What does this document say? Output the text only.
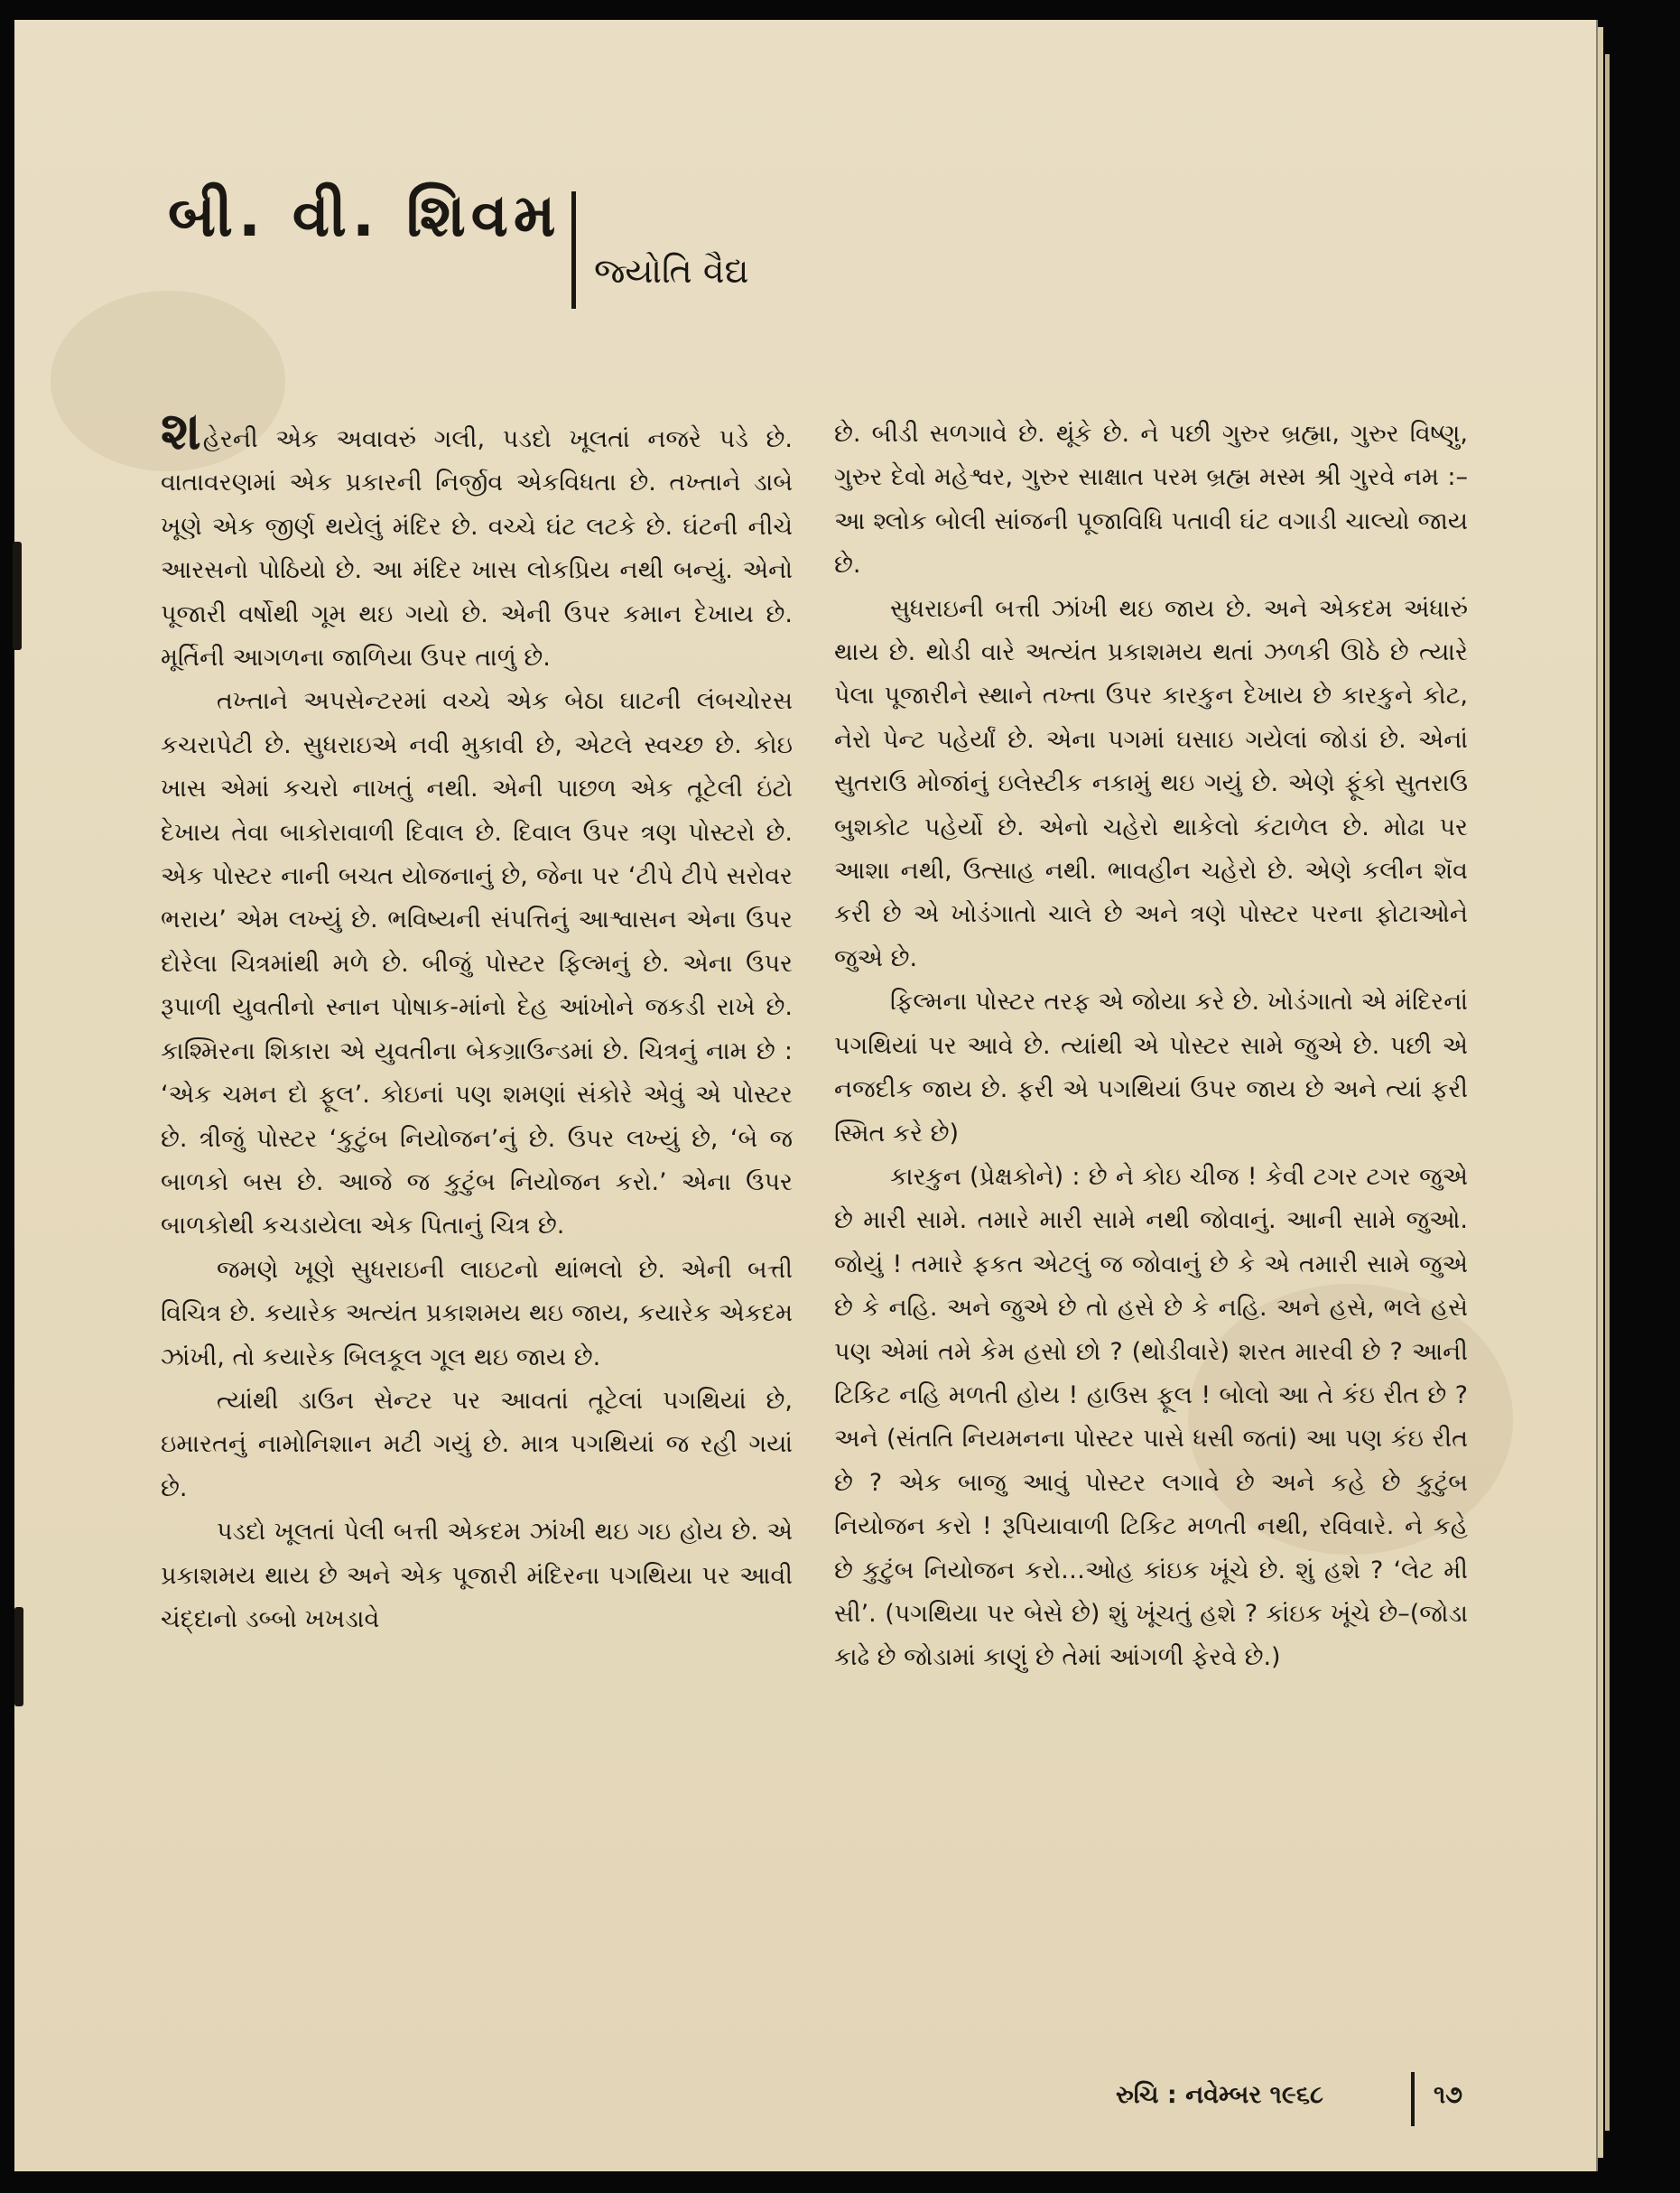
બી. વી. શિવમ
જ્યોતિ વૈદ્ય

શહેરની એક અવાવરું ગલી, પડદો ખૂલતાં નજરે પડે છે. વાતાવરણમાં એક પ્રકારની નિર્જીવ એકવિધતા છે. તખ્તાને ડાબે ખૂણે એક જીર્ણ થયેલું મંદિર છે. વચ્ચે ઘંટ લટકે છે. ઘંટની નીચે આરસનો પોઠિયો છે. આ મંદિર ખાસ લોકપ્રિય નથી બન્યું. એનો પૂજારી વર્ષોથી ગૂમ થઇ ગયો છે. એની ઉપર કમાન દેખાય છે. મૂર્તિની આગળના જાળિયા ઉપર તાળું છે.

તખ્તાને અપસેન્ટરમાં વચ્ચે એક બેઠા ઘાટની લંબચોરસ કચરાપેટી છે. સુધરાઇએ નવી મુકાવી છે, એટલે સ્વચ્છ છે. કોઇ ખાસ એમાં કચરો નાખતું નથી. એની પાછળ એક તૂટેલી ઇંટો દેખાય તેવા બાકોરાવાળી દિવાલ છે. દિવાલ ઉપર ત્રણ પોસ્ટરો છે. એક પોસ્ટર નાની બચત યોજનાનું છે, જેના પર ‘ટીપે ટીપે સરોવર ભરાય’ એમ લખ્યું છે. ભવિષ્યની સંપત્તિનું આશ્વાસન એના ઉપર દોરેલા ચિત્રમાંથી મળે છે. બીજું પોસ્ટર ફિલ્મનું છે. એના ઉપર રૂપાળી યુવતીનો સ્નાન પોષાક-માંનો દેહ આંખોને જકડી રાખે છે. કાશ્મિરના શિકારા એ યુવતીના બેકગ્રાઉન્ડમાં છે. ચિત્રનું નામ છે : ‘એક ચમન દો ફૂલ’. કોઇનાં પણ શમણાં સંકોરે એવું એ પોસ્ટર છે. ત્રીજું પોસ્ટર ‘કુટુંબ નિયોજન’નું છે. ઉપર લખ્યું છે, ‘બે જ બાળકો બસ છે. આજે જ કુટુંબ નિયોજન કરો.’ એના ઉપર બાળકોથી કચડાયેલા એક પિતાનું ચિત્ર છે.

જમણે ખૂણે સુધરાઇની લાઇટનો થાંભલો છે. એની બત્તી વિચિત્ર છે. કયારેક અત્યંત પ્રકાશમય થઇ જાય, કયારેક એકદમ ઝાંખી, તો કયારેક બિલકૂલ ગૂલ થઇ જાય છે.

ત્યાંથી ડાઉન સેન્ટર પર આવતાં તૂટેલાં પગથિયાં છે, ઇમારતનું નામોનિશાન મટી ગયું છે. માત્ર પગથિયાં જ રહી ગયાં છે.

પડદો ખૂલતાં પેલી બત્તી એકદમ ઝાંખી થઇ ગઇ હોય છે. એ પ્રકાશમય થાય છે અને એક પૂજારી મંદિરના પગથિયા પર આવી ચંદ્દાનો ડબ્બો ખખડાવે

છે. બીડી સળગાવે છે. થૂંકે છે. ને પછી ગુરુર બ્રહ્મા, ગુરુર વિષ્ણુ, ગુરુર દેવો મહેશ્વર, ગુરુર સાક્ષાત પરમ બ્રહ્મ મસ્મ શ્રી ગુરવે નમ :– આ શ્લોક બોલી સાંજની પૂજાવિધિ પતાવી ઘંટ વગાડી ચાલ્યો જાય છે.

સુધરાઇની બત્તી ઝાંખી થઇ જાય છે. અને એકદમ અંધારું થાય છે. થોડી વારે અત્યંત પ્રકાશમય થતાં ઝળકી ઊઠે છે ત્યારે પેલા પૂજારીને સ્થાને તખ્તા ઉપર કારકુન દેખાય છે કારકુને કોટ, નેરો પેન્ટ પહેર્યાં છે. એના પગમાં ઘસાઇ ગયેલાં જોડાં છે. એનાં સુતરાઉ મોજાંનું ઇલેસ્ટીક નકામું થઇ ગયું છે. એણે ફૂંકો સુતરાઉ બુશકોટ પહેર્યો છે. એનો ચહેરો થાકેલો કંટાળેલ છે. મોઢા પર આશા નથી, ઉત્સાહ નથી. ભાવહીન ચહેરો છે. એણે કલીન શૅવ કરી છે એ ખોડંગાતો ચાલે છે અને ત્રણે પોસ્ટર પરના ફોટાઓને જુએ છે.

ફિલ્મના પોસ્ટર તરફ એ જોયા કરે છે. ખોડંગાતો એ મંદિરનાં પગથિયાં પર આવે છે. ત્યાંથી એ પોસ્ટર સામે જુએ છે. પછી એ નજદીક જાય છે. ફરી એ પગથિયાં ઉપર જાય છે અને ત્યાં ફરી સ્મિત કરે છે)

કારકુન (પ્રેક્ષકોને) : છે ને કોઇ ચીજ ! કેવી ટગર ટગર જુએ છે મારી સામે. તમારે મારી સામે નથી જોવાનું. આની સામે જુઓ. જોયું ! તમારે ફકત એટલું જ જોવાનું છે કે એ તમારી સામે જુએ છે કે નહિ. અને જુએ છે તો હસે છે કે નહિ. અને હસે, ભલે હસે પણ એમાં તમે કેમ હસો છો ? (થોડીવારે) શરત મારવી છે ? આની ટિકિટ નહિ મળતી હોય ! હાઉસ ફૂલ ! બોલો આ તે કંઇ રીત છે ? અને (સંતતિ નિયમનના પોસ્ટર પાસે ધસી જતાં) આ પણ કંઇ રીત છે ? એક બાજુ આવું પોસ્ટર લગાવે છે અને કહે છે કુટુંબ નિયોજન કરો ! રૂપિયાવાળી ટિકિટ મળતી નથી, રવિવારે. ને કહે છે કુટુંબ નિયોજન કરો…ઓહ કાંઇક ખૂંચે છે. શું હશે ? ‘લેટ મી સી’. (પગથિયા પર બેસે છે) શું ખૂંચતું હશે ? કાંઇક ખૂંચે છે–(જોડા કાઢે છે જોડામાં કાણું છે તેમાં આંગળી ફેરવે છે.)

રુચિ : નવેમ્બર ૧૯૬૮	૧૭
